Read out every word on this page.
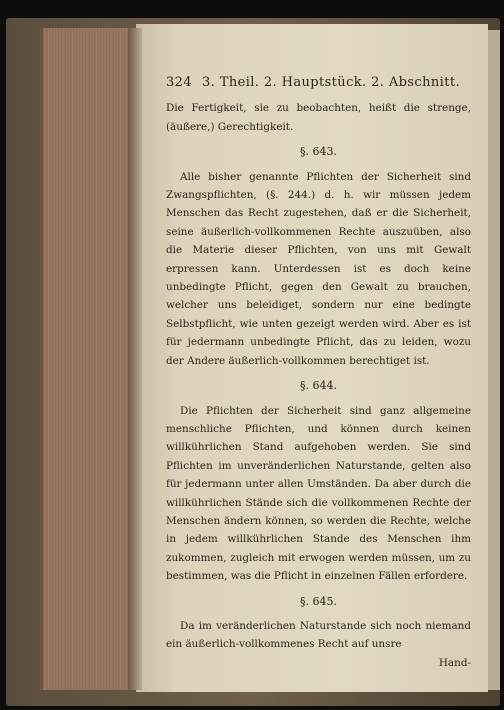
324 3. Theil. 2. Hauptstück. 2. Abschnitt.

Die Fertigkeit, sie zu beobachten, heißt die strenge, (äußere,) Gerechtigkeit.

§. 643.

Alle bisher genannte Pflichten der Sicherheit sind Zwangspflichten, (§. 244.) d. h. wir müssen jedem Menschen das Recht zugestehen, daß er die Sicherheit, seine äußerlich-vollkommenen Rechte auszuüben, also die Materie dieser Pflichten, von uns mit Gewalt erpressen kann. Unterdessen ist es doch keine unbedingte Pflicht, gegen den Gewalt zu brauchen, welcher uns beleidiget, sondern nur eine bedingte Selbstpflicht, wie unten gezeigt werden wird. Aber es ist für jedermann unbedingte Pflicht, das zu leiden, wozu der Andere äußerlich-vollkommen berechtiget ist.

§. 644.

Die Pflichten der Sicherheit sind ganz allgemeine menschliche Pflichten, und können durch keinen willkührlichen Stand aufgehoben werden. Sie sind Pflichten im unveränderlichen Naturstande, gelten also für jedermann unter allen Umständen. Da aber durch die willkührlichen Stände sich die vollkommenen Rechte der Menschen ändern können, so werden die Rechte, welche in jedem willkührlichen Stande des Menschen ihm zukommen, zugleich mit erwogen werden müssen, um zu bestimmen, was die Pflicht in einzelnen Fällen erfordere.

§. 645.

Da im veränderlichen Naturstande sich noch niemand ein äußerlich-vollkommenes Recht auf unsre

Hand-
